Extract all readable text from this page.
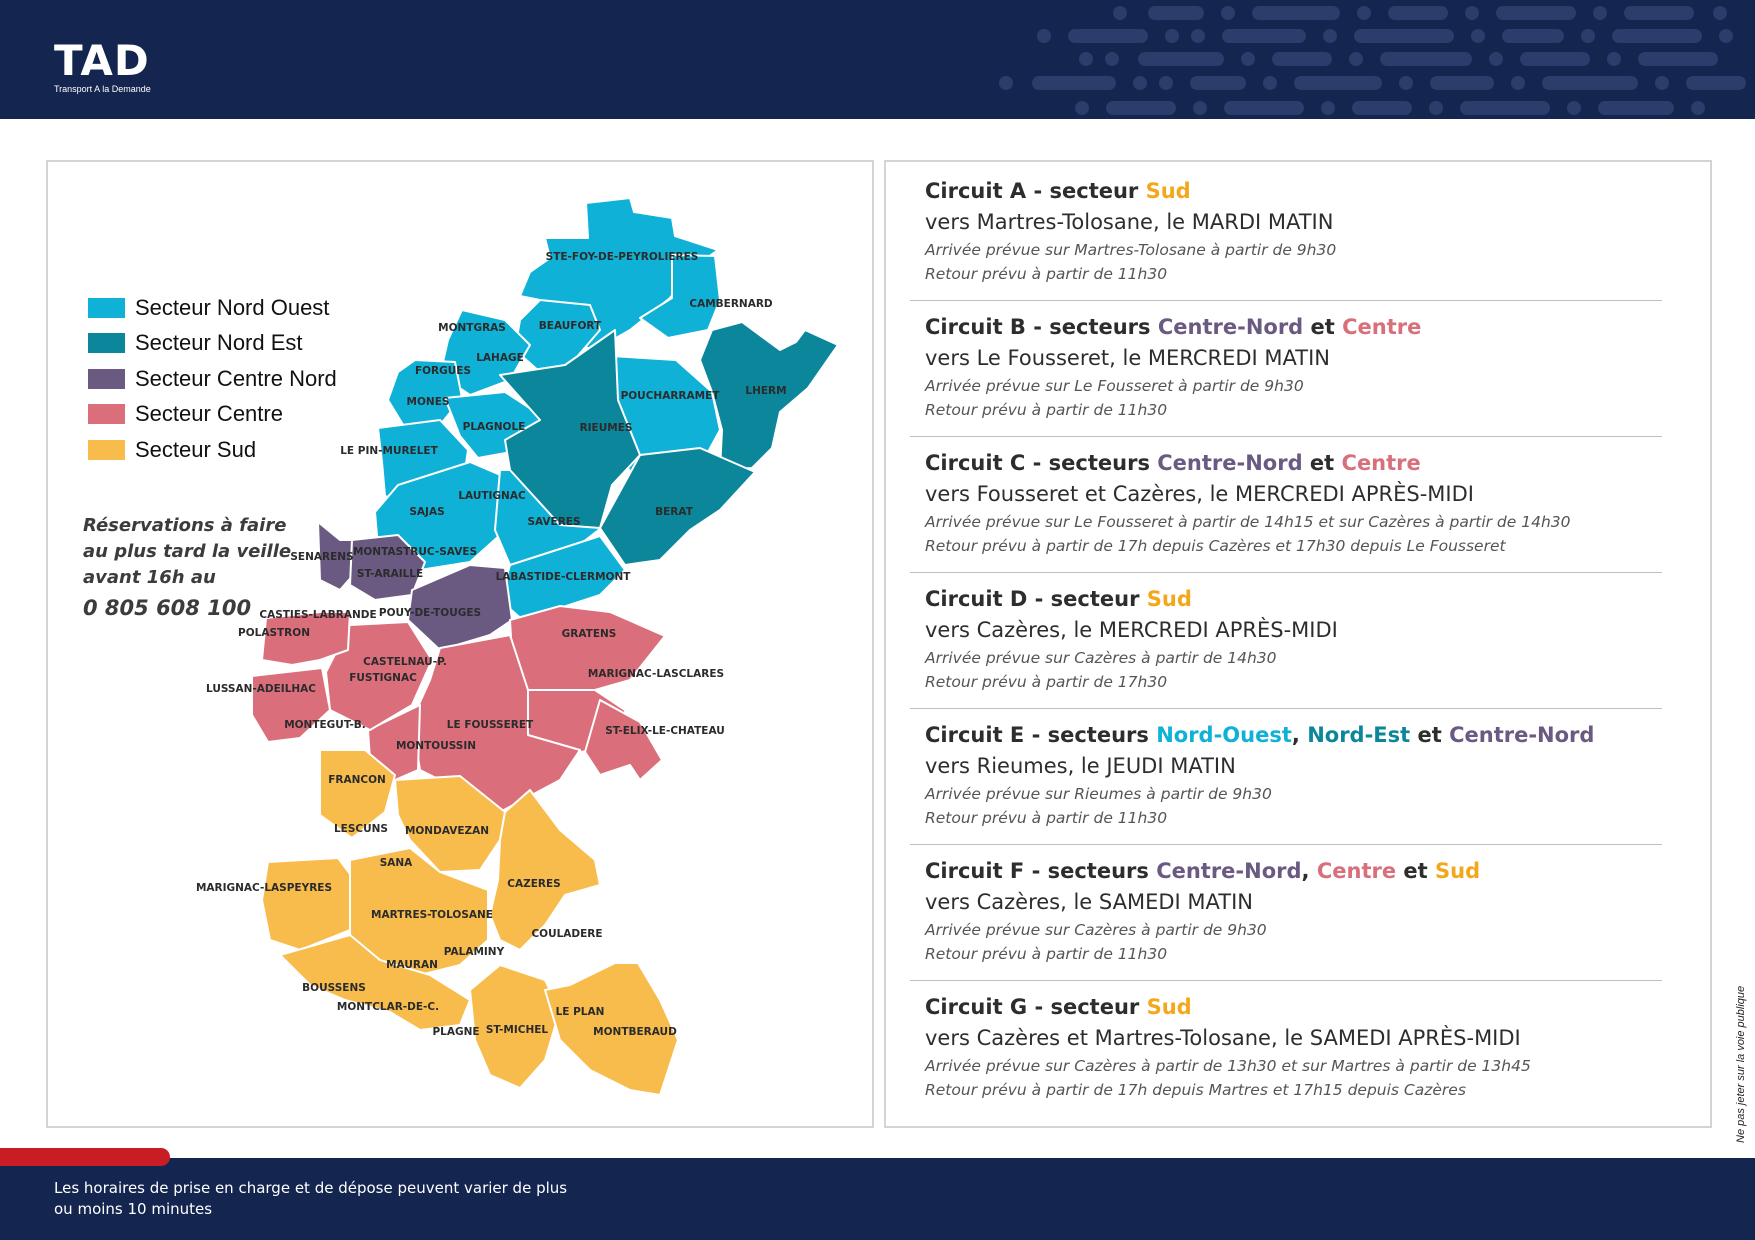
TAD
Transport A la Demande
STE-FOY-DE-PEYROLIERES
CAMBERNARD
BEAUFORT
MONTGRAS
LAHAGE
FORGUES
MONES
PLAGNOLE	RIEUMES
POUCHARRAMET LHERM
LE PIN-MURELET
LAUTIGNAC
SAJAS
SAVERES
BERAT
SENARENS MONTASTRUC-SAVES
ST-ARAILLE	LABASTIDE-CLERMONT
CASTIES-LABRANDE POUY-DE-TOUGES
POLASTRON	GRATENS
CASTELNAU-P.
FUSTIGNAC	MARIGNAC-LASCLARES
LUSSAN-ADEILHAC
MONTEGUT-B.	LE FOUSSERET	ST-ELIX-LE-CHATEAU
MONTOUSSIN
FRANCON
LESCUNS MONDAVEZAN
SANA
MARIGNAC-LASPEYRES	CAZERES
MARTRES-TOLOSANE
COULADERE
PALAMINY
MAURAN
BOUSSENS
MONTCLAR-DE-C.	LE PLAN
PLAGNE ST-MICHEL	MONTBERAUD
Secteur Nord Ouest
Secteur Nord Est
Secteur Centre Nord
Secteur Centre
Secteur Sud
Réservations à faire
au plus tard la veille
avant 16h au
0 805 608 100
Circuit A - secteur Sud
vers Martres-Tolosane, le MARDI MATIN
Arrivée prévue sur Martres-Tolosane à partir de 9h30
Retour prévu à partir de 11h30
Circuit B - secteurs Centre-Nord et Centre
vers Le Fousseret, le MERCREDI MATIN
Arrivée prévue sur Le Fousseret à partir de 9h30
Retour prévu à partir de 11h30
Circuit C - secteurs Centre-Nord et Centre
vers Fousseret et Cazères, le MERCREDI APRÈS-MIDI
Arrivée prévue sur Le Fousseret à partir de 14h15 et sur Cazères à partir de 14h30
Retour prévu à partir de 17h depuis Cazères et 17h30 depuis Le Fousseret
Circuit D - secteur Sud
vers Cazères, le MERCREDI APRÈS-MIDI
Arrivée prévue sur Cazères à partir de 14h30
Retour prévu à partir de 17h30
Circuit E - secteurs Nord-Ouest, Nord-Est et Centre-Nord
vers Rieumes, le JEUDI MATIN
Arrivée prévue sur Rieumes à partir de 9h30
Retour prévu à partir de 11h30
Circuit F - secteurs Centre-Nord, Centre et Sud
vers Cazères, le SAMEDI MATIN
Arrivée prévue sur Cazères à partir de 9h30
Retour prévu à partir de 11h30
Circuit G - secteur Sud
vers Cazères et Martres-Tolosane, le SAMEDI APRÈS-MIDI
Arrivée prévue sur Cazères à partir de 13h30 et sur Martres à partir de 13h45
Retour prévu à partir de 17h depuis Martres et 17h15 depuis Cazères	Ne pas jeter sur la voie publique
Les horaires de prise en charge et de dépose peuvent varier de plus ou moins 10 minutes
